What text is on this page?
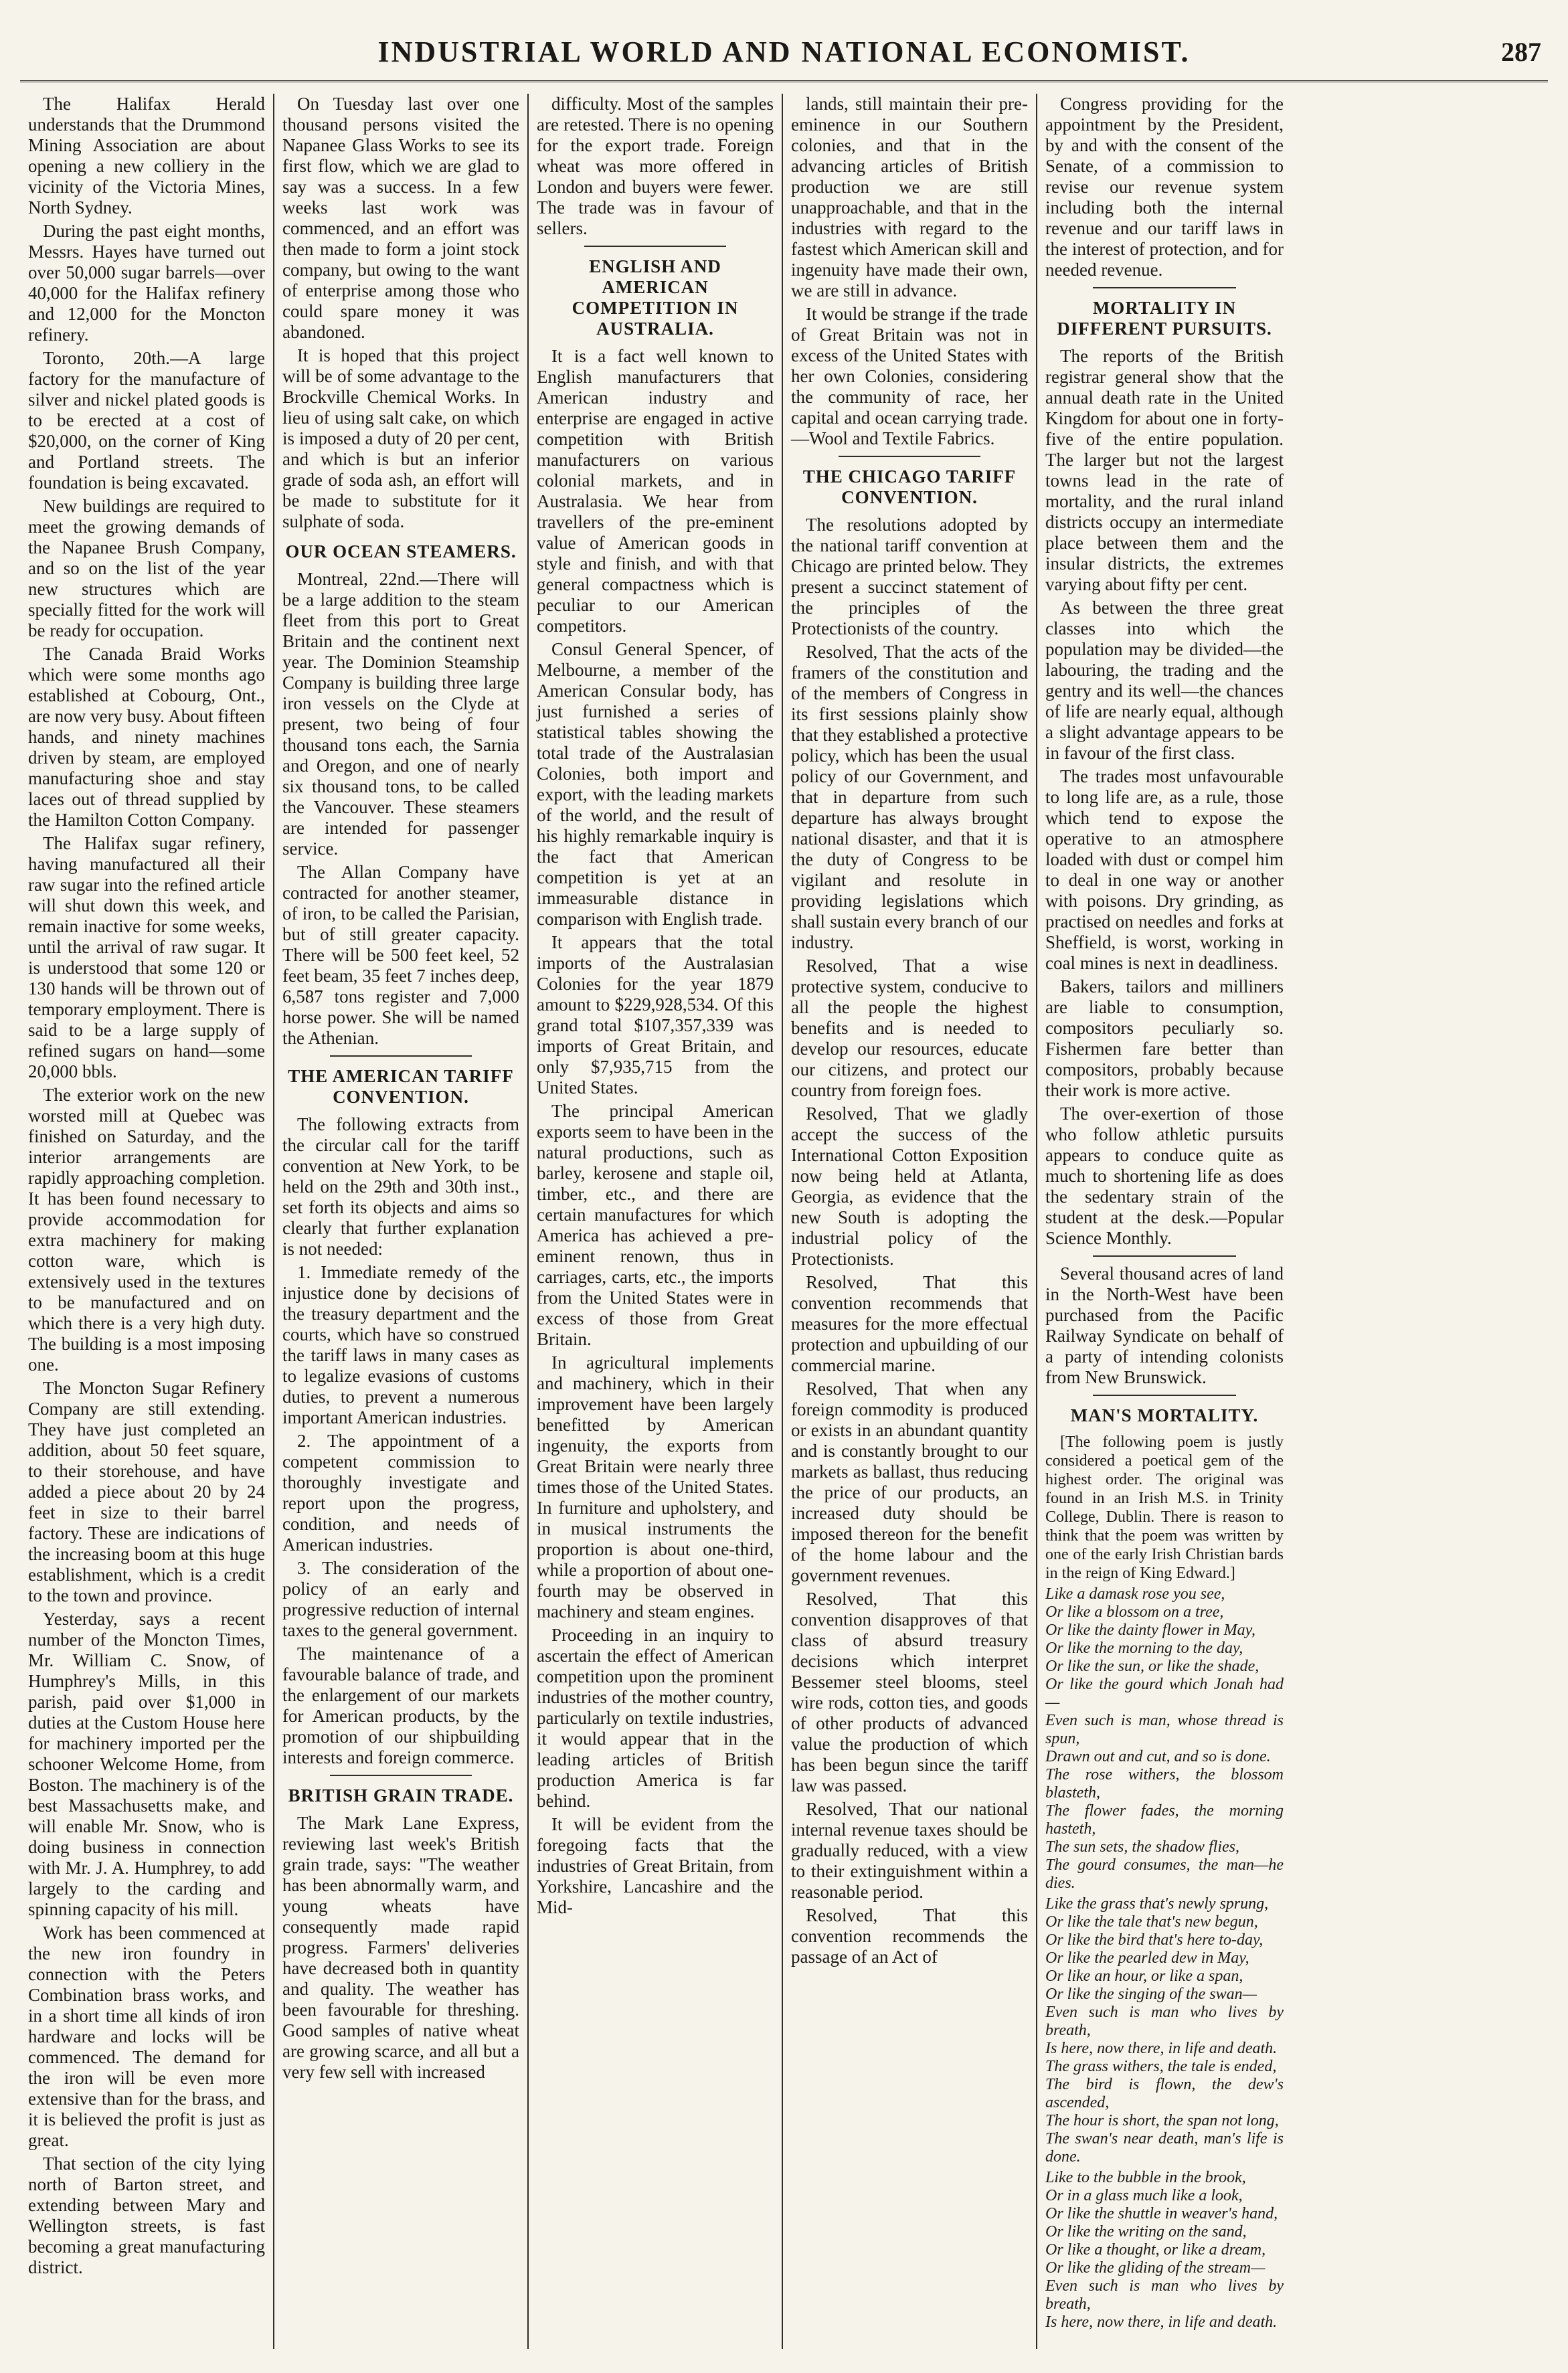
INDUSTRIAL WORLD AND NATIONAL ECONOMIST.	287

The Halifax Herald understands that the Drummond Mining Association are about opening a new colliery in the vicinity of the Victoria Mines, North Sydney.

During the past eight months, Messrs. Hayes have turned out over 50,000 sugar barrels—over 40,000 for the Halifax refinery and 12,000 for the Moncton refinery.

Toronto, 20th.—A large factory for the manufacture of silver and nickel plated goods is to be erected at a cost of $20,000, on the corner of King and Portland streets. The foundation is being excavated.

New buildings are required to meet the growing demands of the Napanee Brush Company, and so on the list of the year new structures which are specially fitted for the work will be ready for occupation.

The Canada Braid Works which were some months ago established at Cobourg, Ont., are now very busy. About fifteen hands, and ninety machines driven by steam, are employed manufacturing shoe and stay laces out of thread supplied by the Hamilton Cotton Company.

The Halifax sugar refinery, having manufactured all their raw sugar into the refined article will shut down this week, and remain inactive for some weeks, until the arrival of raw sugar. It is understood that some 120 or 130 hands will be thrown out of temporary employment. There is said to be a large supply of refined sugars on hand—some 20,000 bbls.

The exterior work on the new worsted mill at Quebec was finished on Saturday, and the interior arrangements are rapidly approaching completion. It has been found necessary to provide accommodation for extra machinery for making cotton ware, which is extensively used in the textures to be manufactured and on which there is a very high duty. The building is a most imposing one.

The Moncton Sugar Refinery Company are still extending. They have just completed an addition, about 50 feet square, to their storehouse, and have added a piece about 20 by 24 feet in size to their barrel factory. These are indications of the increasing boom at this huge establishment, which is a credit to the town and province.

Yesterday, says a recent number of the Moncton Times, Mr. William C. Snow, of Humphrey's Mills, in this parish, paid over $1,000 in duties at the Custom House here for machinery imported per the schooner Welcome Home, from Boston. The machinery is of the best Massachusetts make, and will enable Mr. Snow, who is doing business in connection with Mr. J. A. Humphrey, to add largely to the carding and spinning capacity of his mill.

Work has been commenced at the new iron foundry in connection with the Peters Combination brass works, and in a short time all kinds of iron hardware and locks will be commenced. The demand for the iron will be even more extensive than for the brass, and it is believed the profit is just as great.

That section of the city lying north of Barton street, and extending between Mary and Wellington streets, is fast becoming a great manufacturing district.

On Tuesday last over one thousand persons visited the Napanee Glass Works to see its first flow, which we are glad to say was a success. In a few weeks last work was commenced, and an effort was then made to form a joint stock company, but owing to the want of enterprise among those who could spare money it was abandoned.

It is hoped that this project will be of some advantage to the Brockville Chemical Works. In lieu of using salt cake, on which is imposed a duty of 20 per cent, and which is but an inferior grade of soda ash, an effort will be made to substitute for it sulphate of soda.

OUR OCEAN STEAMERS.

Montreal, 22nd.—There will be a large addition to the steam fleet from this port to Great Britain and the continent next year. The Dominion Steamship Company is building three large iron vessels on the Clyde at present, two being of four thousand tons each, the Sarnia and Oregon, and one of nearly six thousand tons, to be called the Vancouver. These steamers are intended for passenger service.

The Allan Company have contracted for another steamer, of iron, to be called the Parisian, but of still greater capacity. There will be 500 feet keel, 52 feet beam, 35 feet 7 inches deep, 6,587 tons register and 7,000 horse power. She will be named the Athenian.

THE AMERICAN TARIFF CONVENTION.

The following extracts from the circular call for the tariff convention at New York, to be held on the 29th and 30th inst., set forth its objects and aims so clearly that further explanation is not needed:

1. Immediate remedy of the injustice done by decisions of the treasury department and the courts, which have so construed the tariff laws in many cases as to legalize evasions of customs duties, to prevent a numerous important American industries.

2. The appointment of a competent commission to thoroughly investigate and report upon the progress, condition, and needs of American industries.

3. The consideration of the policy of an early and progressive reduction of internal taxes to the general government.

The maintenance of a favourable balance of trade, and the enlargement of our markets for American products, by the promotion of our shipbuilding interests and foreign commerce.

BRITISH GRAIN TRADE.

The Mark Lane Express, reviewing last week's British grain trade, says: "The weather has been abnormally warm, and young wheats have consequently made rapid progress. Farmers' deliveries have decreased both in quantity and quality. The weather has been favourable for threshing. Good samples of native wheat are growing scarce, and all but a very few sell with increased

difficulty. Most of the samples are retested. There is no opening for the export trade. Foreign wheat was more offered in London and buyers were fewer. The trade was in favour of sellers.

ENGLISH AND AMERICAN COMPETITION IN AUSTRALIA.

It is a fact well known to English manufacturers that American industry and enterprise are engaged in active competition with British manufacturers on various colonial markets, and in Australasia. We hear from travellers of the pre-eminent value of American goods in style and finish, and with that general compactness which is peculiar to our American competitors.

Consul General Spencer, of Melbourne, a member of the American Consular body, has just furnished a series of statistical tables showing the total trade of the Australasian Colonies, both import and export, with the leading markets of the world, and the result of his highly remarkable inquiry is the fact that American competition is yet at an immeasurable distance in comparison with English trade.

It appears that the total imports of the Australasian Colonies for the year 1879 amount to $229,928,534. Of this grand total $107,357,339 was imports of Great Britain, and only $7,935,715 from the United States.

The principal American exports seem to have been in the natural productions, such as barley, kerosene and staple oil, timber, etc., and there are certain manufactures for which America has achieved a pre-eminent renown, thus in carriages, carts, etc., the imports from the United States were in excess of those from Great Britain.

In agricultural implements and machinery, which in their improvement have been largely benefitted by American ingenuity, the exports from Great Britain were nearly three times those of the United States. In furniture and upholstery, and in musical instruments the proportion is about one-third, while a proportion of about one-fourth may be observed in machinery and steam engines.

Proceeding in an inquiry to ascertain the effect of American competition upon the prominent industries of the mother country, particularly on textile industries, it would appear that in the leading articles of British production America is far behind.

It will be evident from the foregoing facts that the industries of Great Britain, from Yorkshire, Lancashire and the Mid-

lands, still maintain their pre-eminence in our Southern colonies, and that in the advancing articles of British production we are still unapproachable, and that in the industries with regard to the fastest which American skill and ingenuity have made their own, we are still in advance.

It would be strange if the trade of Great Britain was not in excess of the United States with her own Colonies, considering the community of race, her capital and ocean carrying trade.—Wool and Textile Fabrics.

THE CHICAGO TARIFF CONVENTION.

The resolutions adopted by the national tariff convention at Chicago are printed below. They present a succinct statement of the principles of the Protectionists of the country.

Resolved, That the acts of the framers of the constitution and of the members of Congress in its first sessions plainly show that they established a protective policy, which has been the usual policy of our Government, and that in departure from such departure has always brought national disaster, and that it is the duty of Congress to be vigilant and resolute in providing legislations which shall sustain every branch of our industry.

Resolved, That a wise protective system, conducive to all the people the highest benefits and is needed to develop our resources, educate our citizens, and protect our country from foreign foes.

Resolved, That we gladly accept the success of the International Cotton Exposition now being held at Atlanta, Georgia, as evidence that the new South is adopting the industrial policy of the Protectionists.

Resolved, That this convention recommends that measures for the more effectual protection and upbuilding of our commercial marine.

Resolved, That when any foreign commodity is produced or exists in an abundant quantity and is constantly brought to our markets as ballast, thus reducing the price of our products, an increased duty should be imposed thereon for the benefit of the home labour and the government revenues.

Resolved, That this convention disapproves of that class of absurd treasury decisions which interpret Bessemer steel blooms, steel wire rods, cotton ties, and goods of other products of advanced value the production of which has been begun since the tariff law was passed.

Resolved, That our national internal revenue taxes should be gradually reduced, with a view to their extinguishment within a reasonable period.

Resolved, That this convention recommends the passage of an Act of

Congress providing for the appointment by the President, by and with the consent of the Senate, of a commission to revise our revenue system including both the internal revenue and our tariff laws in the interest of protection, and for needed revenue.

MORTALITY IN DIFFERENT PURSUITS.

The reports of the British registrar general show that the annual death rate in the United Kingdom for about one in forty-five of the entire population. The larger but not the largest towns lead in the rate of mortality, and the rural inland districts occupy an intermediate place between them and the insular districts, the extremes varying about fifty per cent.

As between the three great classes into which the population may be divided—the labouring, the trading and the gentry and its well—the chances of life are nearly equal, although a slight advantage appears to be in favour of the first class.

The trades most unfavourable to long life are, as a rule, those which tend to expose the operative to an atmosphere loaded with dust or compel him to deal in one way or another with poisons. Dry grinding, as practised on needles and forks at Sheffield, is worst, working in coal mines is next in deadliness.

Bakers, tailors and milliners are liable to consumption, compositors peculiarly so. Fishermen fare better than compositors, probably because their work is more active.

The over-exertion of those who follow athletic pursuits appears to conduce quite as much to shortening life as does the sedentary strain of the student at the desk.—Popular Science Monthly.

Several thousand acres of land in the North-West have been purchased from the Pacific Railway Syndicate on behalf of a party of intending colonists from New Brunswick.

MAN'S MORTALITY.

[The following poem is justly considered a poetical gem of the highest order. The original was found in an Irish M.S. in Trinity College, Dublin. There is reason to think that the poem was written by one of the early Irish Christian bards in the reign of King Edward.]

Like a damask rose you see,
Or like a blossom on a tree,
Or like the dainty flower in May,
Or like the morning to the day,
Or like the sun, or like the shade,
Or like the gourd which Jonah had—
Even such is man, whose thread is spun,
Drawn out and cut, and so is done.
The rose withers, the blossom blasteth,
The flower fades, the morning hasteth,
The sun sets, the shadow flies,
The gourd consumes, the man—he dies.

Like the grass that's newly sprung,
Or like the tale that's new begun,
Or like the bird that's here to-day,
Or like the pearled dew in May,
Or like an hour, or like a span,
Or like the singing of the swan—
Even such is man who lives by breath,
Is here, now there, in life and death.
The grass withers, the tale is ended,
The bird is flown, the dew's ascended,
The hour is short, the span not long,
The swan's near death, man's life is done.

Like to the bubble in the brook,
Or in a glass much like a look,
Or like the shuttle in weaver's hand,
Or like the writing on the sand,
Or like a thought, or like a dream,
Or like the gliding of the stream—
Even such is man who lives by breath,
Is here, now there, in life and death.
